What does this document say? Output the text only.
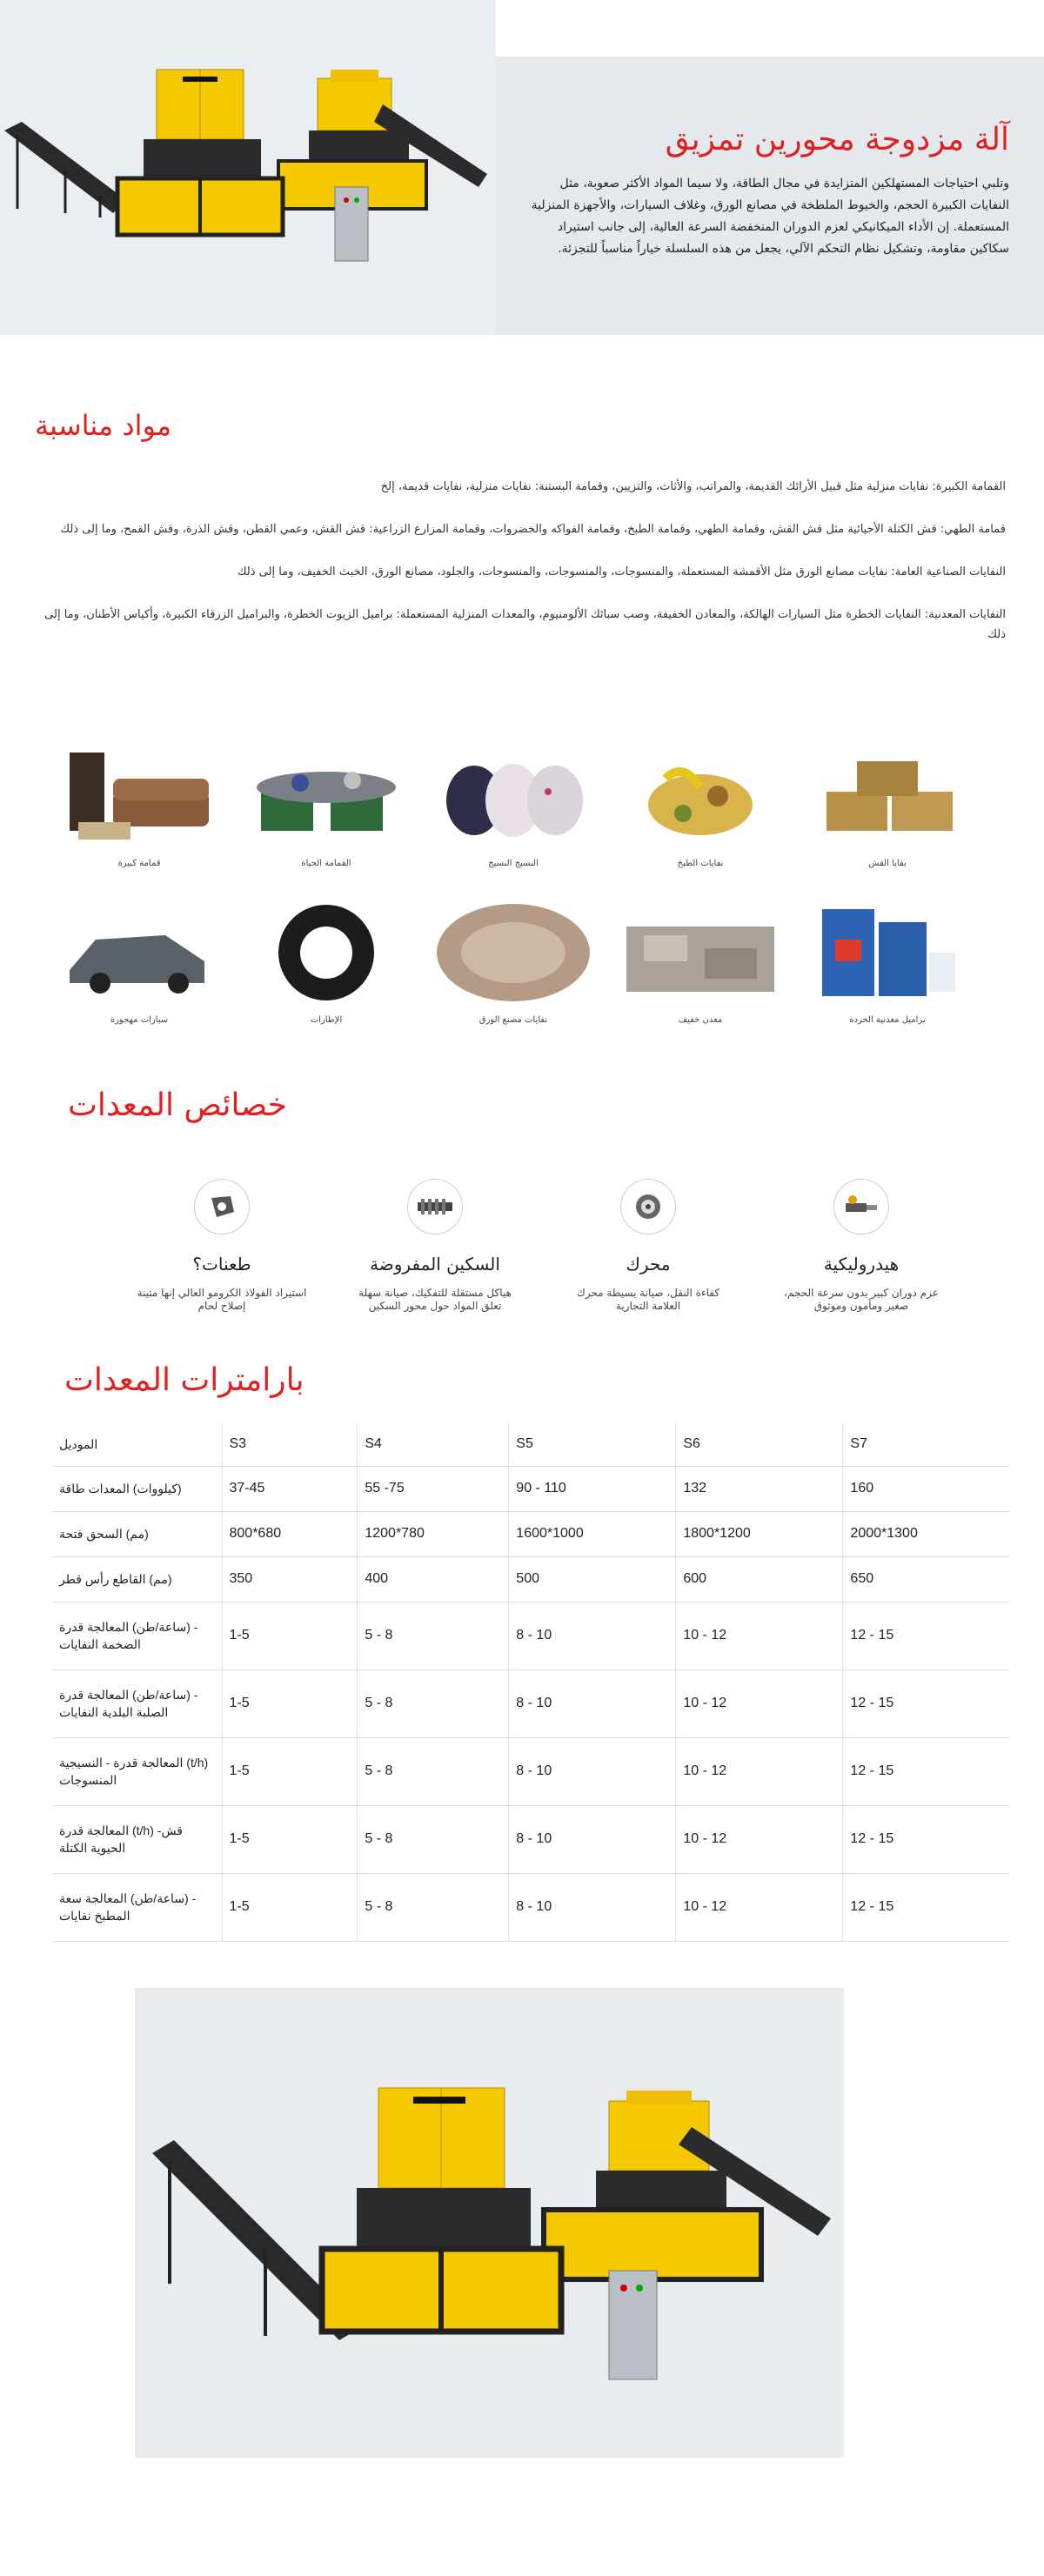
آلة مزدوجة محورين تمزيق

وتلبي احتياجات المستهلكين المتزايدة في مجال الطاقة، ولا سيما المواد الأكثر صعوبة، مثل النفايات الكبيرة الحجم، والخيوط الملطخة في مصانع الورق، وغلاف السيارات، والأجهزة المنزلية المستعملة. إن الأداء الميكانيكي لعزم الدوران المنخفضة السرعة العالية، إلى جانب استيراد سكاكين مقاومة، وتشكيل نظام التحكم الآلي، يجعل من هذه السلسلة خياراً مناسباً للتجزئة.

مواد مناسبة

القمامة الكبيرة: نفايات منزلية مثل قبيل الأرائك القديمة، والمراتب، والأثاث، والتزيين، وقمامة البستنة: نفايات منزلية، نفايات قديمة، إلخ

قمامة الطهي: قش الكتلة الأحيائية مثل قش القش، وقمامة الطهي، وقمامة الطبخ، وقمامة الفواكه والخضروات، وقمامة المزارع الزراعية: قش القش، وعمي القطن، وقش الذرة، وقش القمح، وما إلى ذلك

النفايات الصناعية العامة: نفايات مصانع الورق مثل الأقمشة المستعملة، والمنسوجات، والمنسوجات، والمنسوجات، والجلود، مصانع الورق، الخبث الخفيف، وما إلى ذلك

النفايات المعدنية: النفايات الخطرة مثل السيارات الهالكة، والمعادن الخفيفة، وصب سبائك الألومنيوم، والمعدات المنزلية المستعملة: براميل الزيوت الخطرة، والبراميل الزرقاء الكبيرة، وأكياس الأطنان، وما إلى ذلك

قمامة كبيرة	القمامة الحياة	النسيج النسيج	نفايات الطبخ	بقايا القش
سيارات مهجورة	الإطارات	نفايات مصنع الورق	معدن خفيف	براميل معدنية الخردة
خصائص المعدات
طعنات؟
استيراد الفولاذ الكرومو العالي إنها متينة إصلاح لحام
السكين المفروضة
هياكل مستقلة للتفكيك، صيانة سهلة تعلق المواد حول محور السكين
محرك
كفاءة النقل، صيانة بسيطة محرك العلامة التجارية
هيدروليكية
عزم دوران كبير بدون سرعة الحجم، صغير ومأمون وموثوق
بارامترات المعدات
الموديل	S3	S4	S5	S6	S7
(كيلووات) المعدات طاقة	37-45	55 -75	90 - 110	132	160
(مم) السحق فتحة	800*680	1200*780	1600*1000	1800*1200	2000*1300
(مم) القاطع رأس قطر	350	400	500	600	650
- (ساعة/طن) المعالجة قدرة الضخمة النفايات	1-5	5 - 8	8 - 10	10 - 12	12 - 15
- (ساعة/طن) المعالجة قدرة الصلبة البلدية النفايات	1-5	5 - 8	8 - 10	10 - 12	12 - 15
(t/h) المعالجة قدرة - النسيجية المنسوجات	1-5	5 - 8	8 - 10	10 - 12	12 - 15
قش- (t/h) المعالجة قدرة الحيوية الكتلة	1-5	5 - 8	8 - 10	10 - 12	12 - 15
- (ساعة/طن) المعالجة سعة المطبخ نفايات	1-5	5 - 8	8 - 10	10 - 12	12 - 15
